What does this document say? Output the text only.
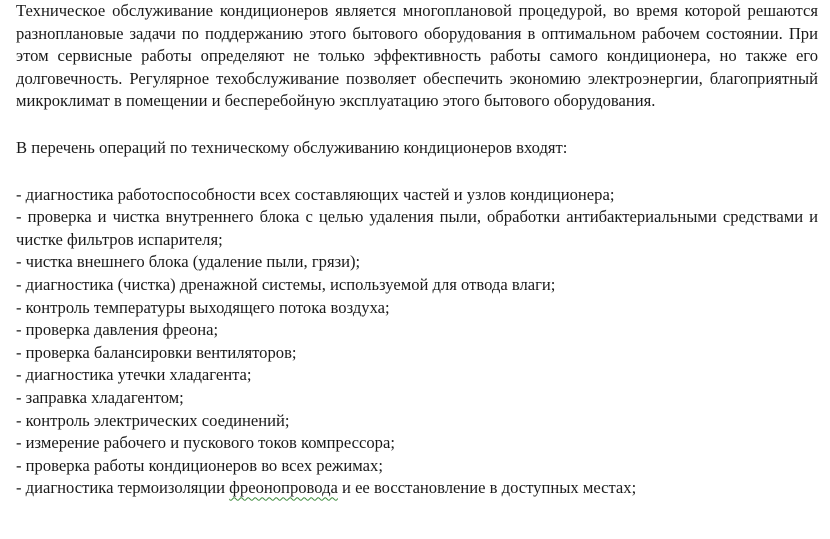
Техническое обслуживание кондиционеров является многоплановой процедурой, во время которой решаются разноплановые задачи по поддержанию этого бытового оборудования в оптимальном рабочем состоянии. При этом сервисные работы определяют не только эффективность работы самого кондиционера, но также его долговечность. Регулярное техобслуживание позволяет обеспечить экономию электроэнергии, благоприятный микроклимат в помещении и бесперебойную эксплуатацию этого бытового оборудования.

В перечень операций по техническому обслуживанию кондиционеров входят:

- диагностика работоспособности всех составляющих частей и узлов кондиционера;
- проверка и чистка внутреннего блока с целью удаления пыли, обработки антибактериальными средствами и чистке фильтров испарителя;
- чистка внешнего блока (удаление пыли, грязи);
- диагностика (чистка) дренажной системы, используемой для отвода влаги;
- контроль температуры выходящего потока воздуха;
- проверка давления фреона;
- проверка балансировки вентиляторов;
- диагностика утечки хладагента;
- заправка хладагентом;
- контроль электрических соединений;
- измерение рабочего и пускового токов компрессора;
- проверка работы кондиционеров во всех режимах;
- диагностика термоизоляции фреонопровода и ее восстановление в доступных местах;
